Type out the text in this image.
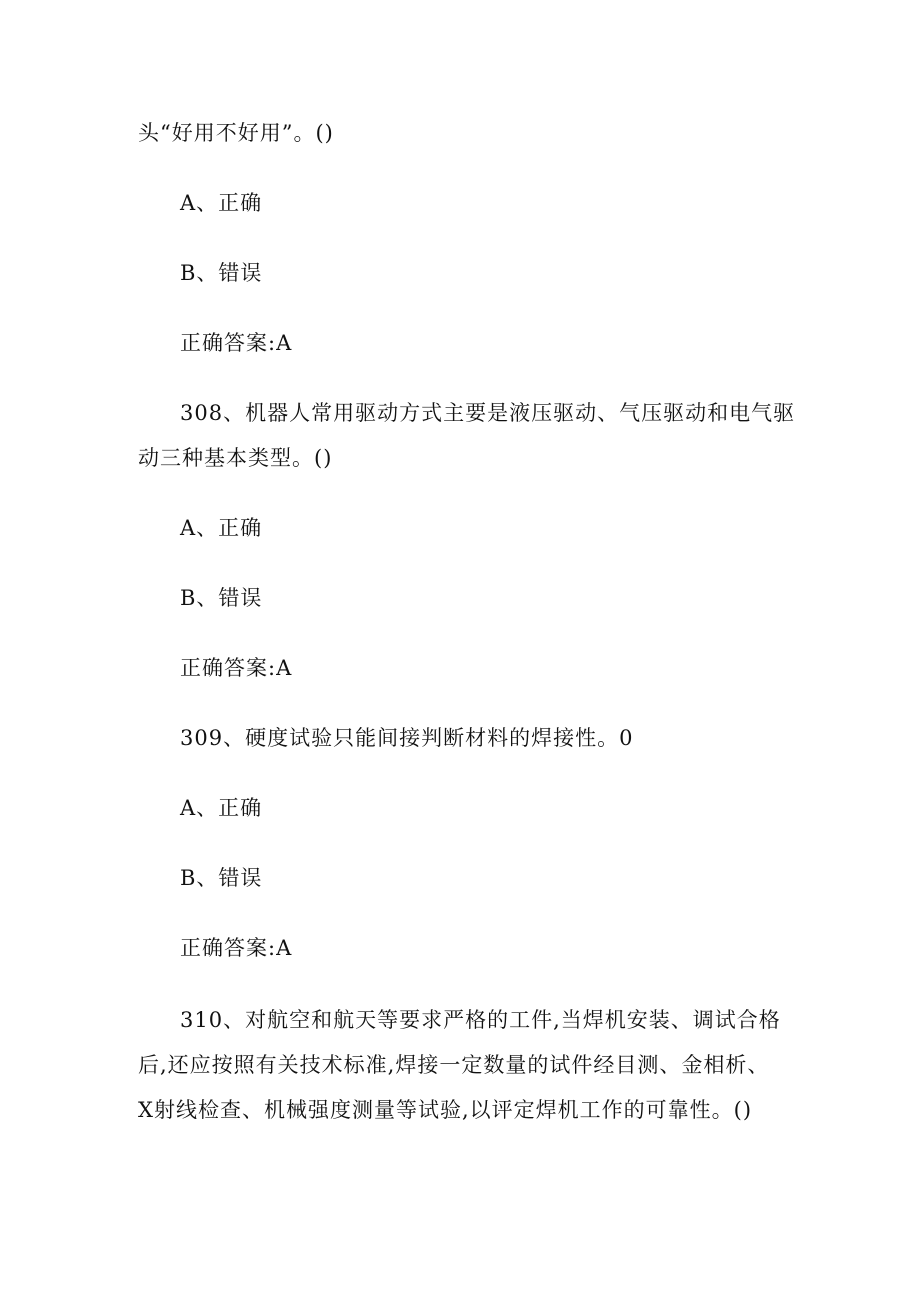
头“好用不好用”。()

A、正确

B、错误

正确答案:A

308、机器人常用驱动方式主要是液压驱动、气压驱动和电气驱

动三种基本类型。()

A、正确

B、错误

正确答案:A

309、硬度试验只能间接判断材料的焊接性。0

A、正确

B、错误

正确答案:A

310、对航空和航天等要求严格的工件,当焊机安装、调试合格

后,还应按照有关技术标准,焊接一定数量的试件经目测、金相析、

X射线检查、机械强度测量等试验,以评定焊机工作的可靠性。()
